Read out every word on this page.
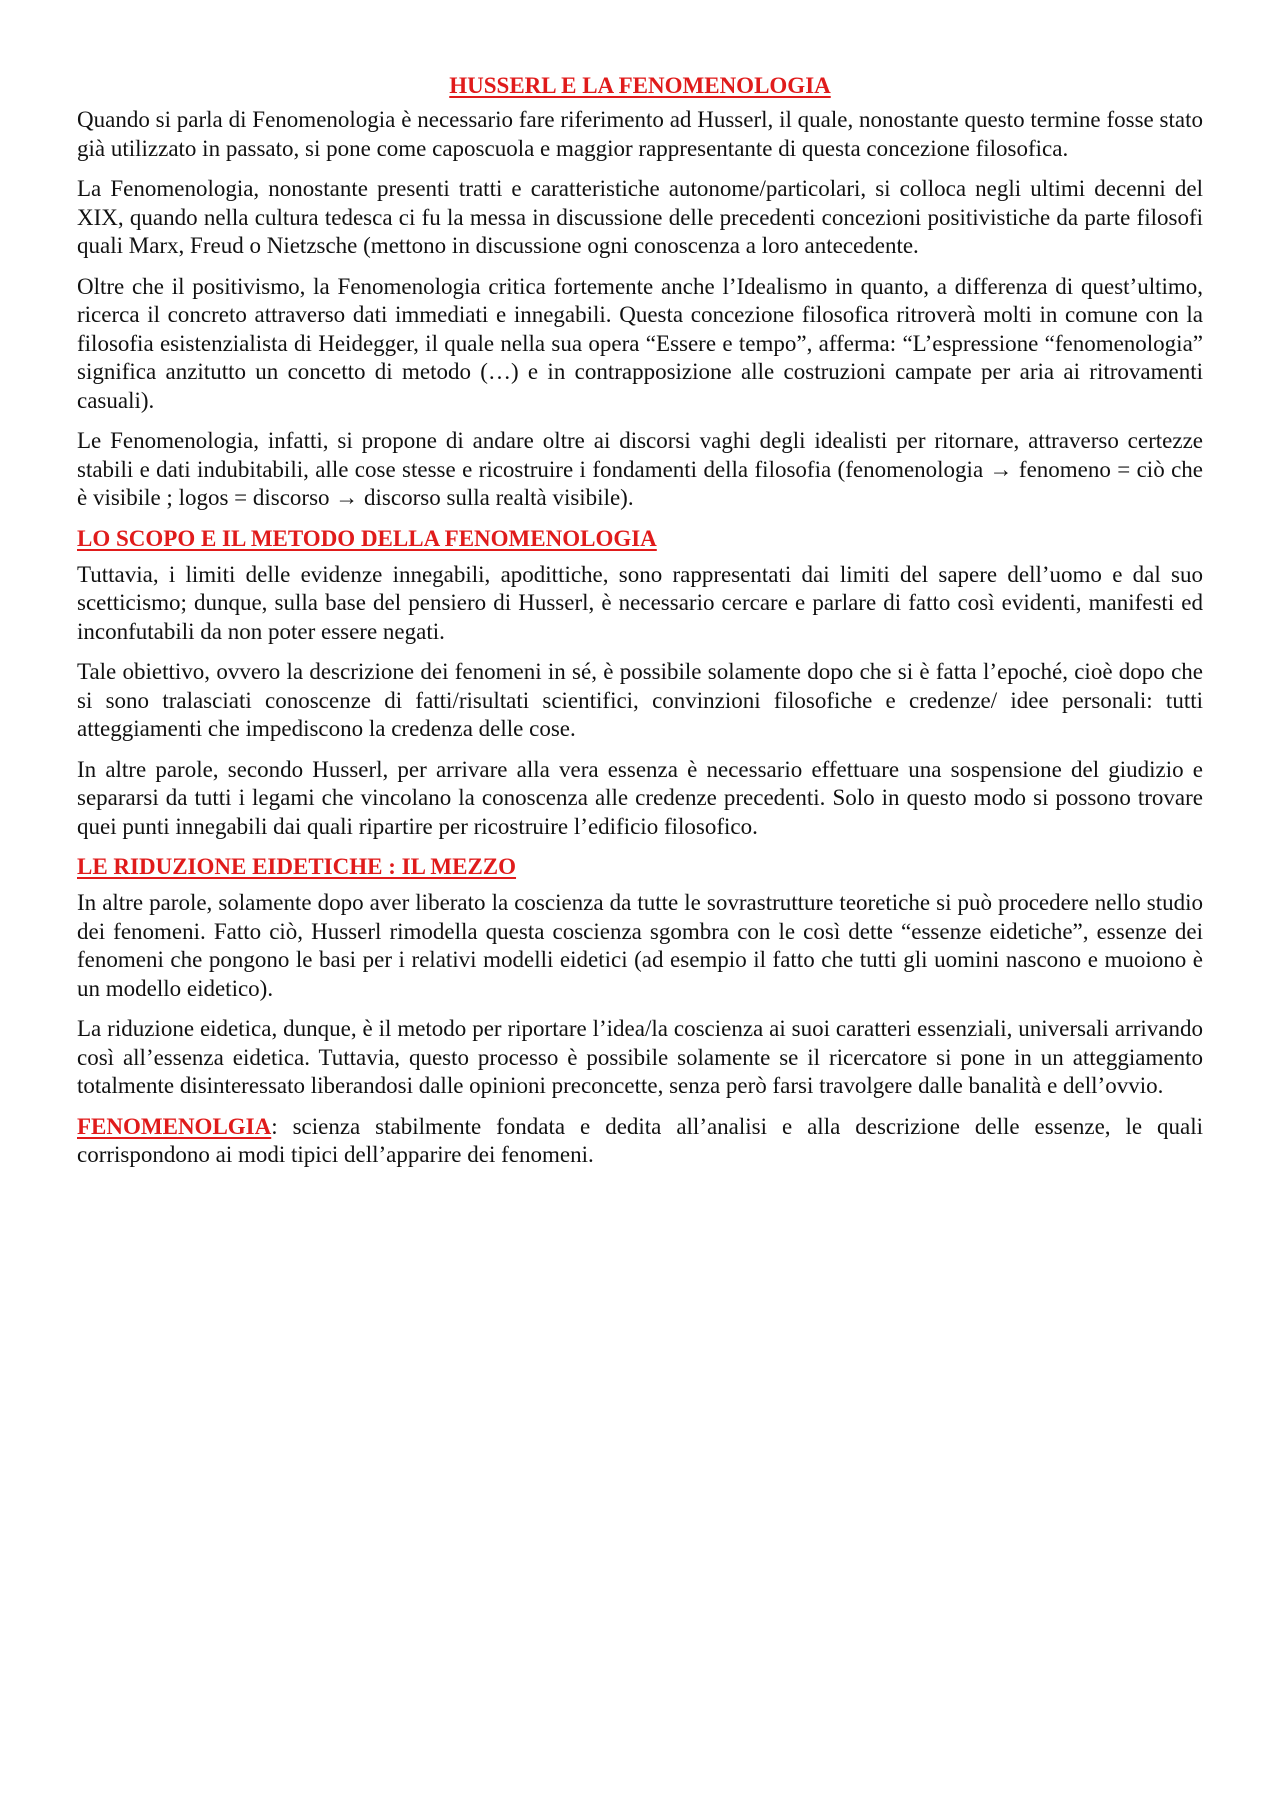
HUSSERL E LA FENOMENOLOGIA

Quando si parla di Fenomenologia è necessario fare riferimento ad Husserl, il quale, nonostante questo termine fosse stato già utilizzato in passato, si pone come caposcuola e maggior rappresentante di questa concezione filosofica.

La Fenomenologia, nonostante presenti tratti e caratteristiche autonome/particolari, si colloca negli ultimi decenni del XIX, quando nella cultura tedesca ci fu la messa in discussione delle precedenti concezioni positivistiche da parte filosofi quali Marx, Freud o Nietzsche (mettono in discussione ogni conoscenza a loro antecedente.

Oltre che il positivismo, la Fenomenologia critica fortemente anche l’Idealismo in quanto, a differenza di quest’ultimo, ricerca il concreto attraverso dati immediati e innegabili. Questa concezione filosofica ritroverà molti in comune con la filosofia esistenzialista di Heidegger, il quale nella sua opera “Essere e tempo”, afferma: “L’espressione “fenomenologia” significa anzitutto un concetto di metodo (…) e in contrapposizione alle costruzioni campate per aria ai ritrovamenti casuali).

Le Fenomenologia, infatti, si propone di andare oltre ai discorsi vaghi degli idealisti per ritornare, attraverso certezze stabili e dati indubitabili, alle cose stesse e ricostruire i fondamenti della filosofia (fenomenologia → fenomeno = ciò che è visibile ; logos = discorso → discorso sulla realtà visibile).

LO SCOPO E IL METODO DELLA FENOMENOLOGIA

Tuttavia, i limiti delle evidenze innegabili, apodittiche, sono rappresentati dai limiti del sapere dell’uomo e dal suo scetticismo; dunque, sulla base del pensiero di Husserl, è necessario cercare e parlare di fatto così evidenti, manifesti ed inconfutabili da non poter essere negati.

Tale obiettivo, ovvero la descrizione dei fenomeni in sé, è possibile solamente dopo che si è fatta l’epoché, cioè dopo che si sono tralasciati conoscenze di fatti/risultati scientifici, convinzioni filosofiche e credenze/ idee personali: tutti atteggiamenti che impediscono la credenza delle cose.

In altre parole, secondo Husserl, per arrivare alla vera essenza è necessario effettuare una sospensione del giudizio e separarsi da tutti i legami che vincolano la conoscenza alle credenze precedenti. Solo in questo modo si possono trovare quei punti innegabili dai quali ripartire per ricostruire l’edificio filosofico.

LE RIDUZIONE EIDETICHE : IL MEZZO

In altre parole, solamente dopo aver liberato la coscienza da tutte le sovrastrutture teoretiche si può procedere nello studio dei fenomeni. Fatto ciò, Husserl rimodella questa coscienza sgombra con le così dette “essenze eidetiche”, essenze dei fenomeni che pongono le basi per i relativi modelli eidetici (ad esempio il fatto che tutti gli uomini nascono e muoiono è un modello eidetico).

La riduzione eidetica, dunque, è il metodo per riportare l’idea/la coscienza ai suoi caratteri essenziali, universali arrivando così all’essenza eidetica. Tuttavia, questo processo è possibile solamente se il ricercatore si pone in un atteggiamento totalmente disinteressato liberandosi dalle opinioni preconcette, senza però farsi travolgere dalle banalità e dell’ovvio.

FENOMENOLGIA: scienza stabilmente fondata e dedita all’analisi e alla descrizione delle essenze, le quali corrispondono ai modi tipici dell’apparire dei fenomeni.
